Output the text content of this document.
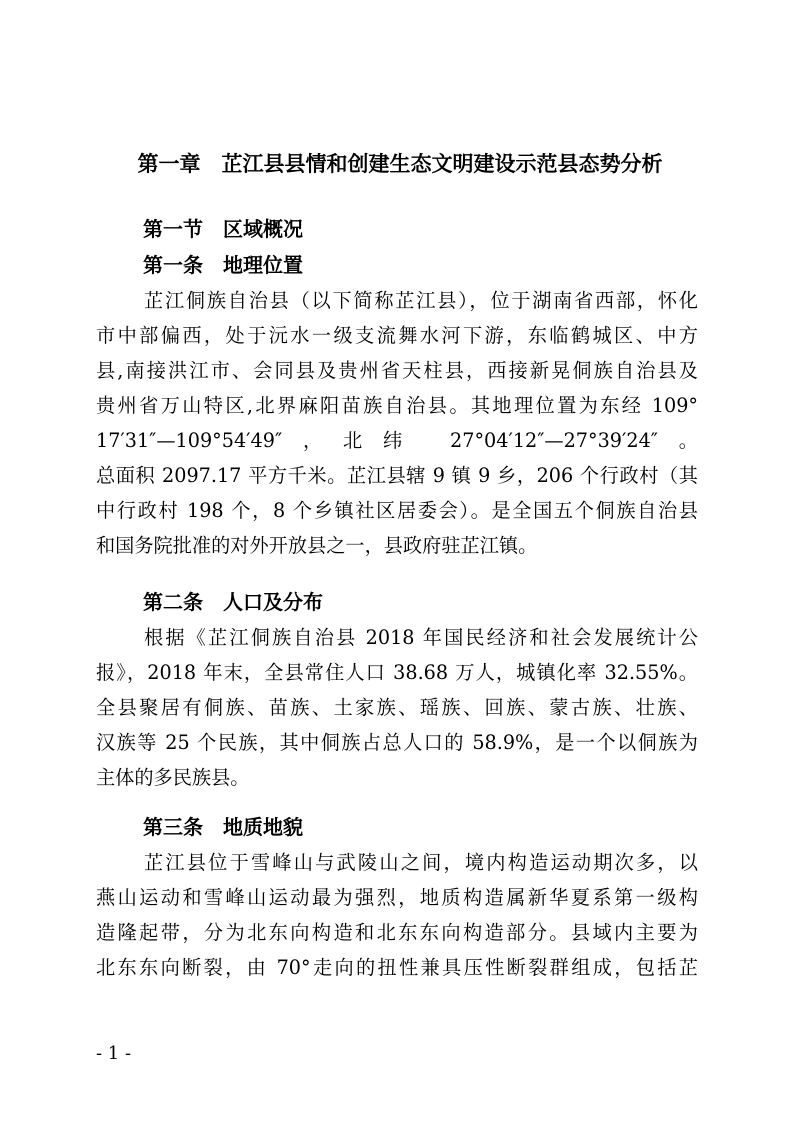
第一章　芷江县县情和创建生态文明建设示范县态势分析
第一节　区域概况
第一条　地理位置
芷江侗族自治县（以下简称芷江县），位于湖南省西部，怀化
市中部偏西，处于沅水一级支流舞水河下游，东临鹤城区、中方
县,南接洪江市、会同县及贵州省天柱县，西接新晃侗族自治县及
贵州省万山特区,北界麻阳苗族自治县。其地理位置为东经 109°
17′31″—109°54′49″，北纬 27°04′12″—27°39′24″。
总面积 2097.17 平方千米。芷江县辖 9 镇 9 乡，206 个行政村（其
中行政村 198 个，8 个乡镇社区居委会）。是全国五个侗族自治县
和国务院批准的对外开放县之一，县政府驻芷江镇。
第二条　人口及分布
根据《芷江侗族自治县 2018 年国民经济和社会发展统计公
报》，2018 年末，全县常住人口 38.68 万人，城镇化率 32.55%。
全县聚居有侗族、苗族、土家族、瑶族、回族、蒙古族、壮族、
汉族等 25 个民族，其中侗族占总人口的 58.9%，是一个以侗族为
主体的多民族县。
第三条　地质地貌
芷江县位于雪峰山与武陵山之间，境内构造运动期次多，以
燕山运动和雪峰山运动最为强烈，地质构造属新华夏系第一级构
造隆起带，分为北东向构造和北东东向构造部分。县域内主要为
北东东向断裂，由 70°走向的扭性兼具压性断裂群组成，包括芷
- 1 -
